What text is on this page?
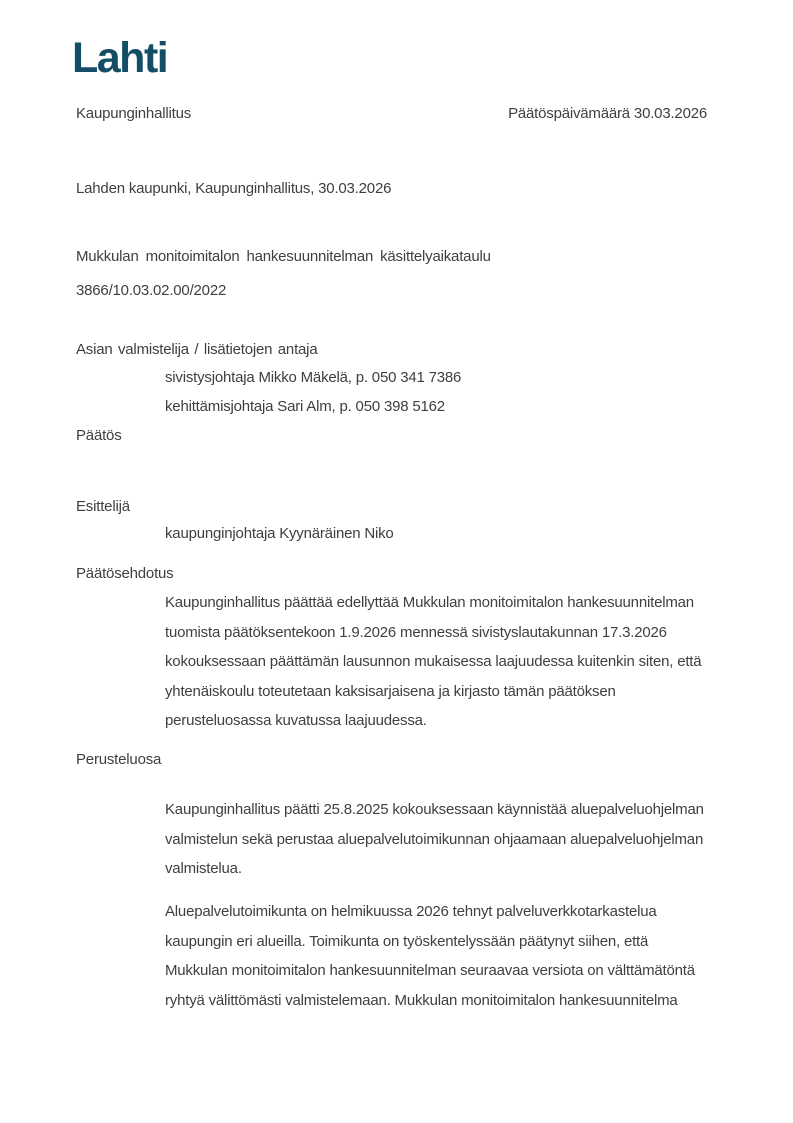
Lahti
Kaupunginhallitus	Päätöspäivämäärä 30.03.2026
Lahden kaupunki, Kaupunginhallitus, 30.03.2026
Mukkulan monitoimitalon hankesuunnitelman käsittelyaikataulu
3866/10.03.02.00/2022
Asian valmistelija / lisätietojen antaja
sivistysjohtaja Mikko Mäkelä, p. 050 341 7386
kehittämisjohtaja Sari Alm, p. 050 398 5162
Päätös
Esittelijä
kaupunginjohtaja Kyynäräinen Niko
Päätösehdotus
Kaupunginhallitus päättää edellyttää Mukkulan monitoimitalon hankesuunnitelman
tuomista päätöksentekoon 1.9.2026 mennessä sivistyslautakunnan 17.3.2026
kokouksessaan päättämän lausunnon mukaisessa laajuudessa kuitenkin siten, että
yhtenäiskoulu toteutetaan kaksisarjaisena ja kirjasto tämän päätöksen
perusteluosassa kuvatussa laajuudessa.
Perusteluosa
Kaupunginhallitus päätti 25.8.2025 kokouksessaan käynnistää aluepalveluohjelman
valmistelun sekä perustaa aluepalvelutoimikunnan ohjaamaan aluepalveluohjelman
valmistelua.
Aluepalvelutoimikunta on helmikuussa 2026 tehnyt palveluverkkotarkastelua
kaupungin eri alueilla. Toimikunta on työskentelyssään päätynyt siihen, että
Mukkulan monitoimitalon hankesuunnitelman seuraavaa versiota on välttämätöntä
ryhtyä välittömästi valmistelemaan. Mukkulan monitoimitalon hankesuunnitelma
